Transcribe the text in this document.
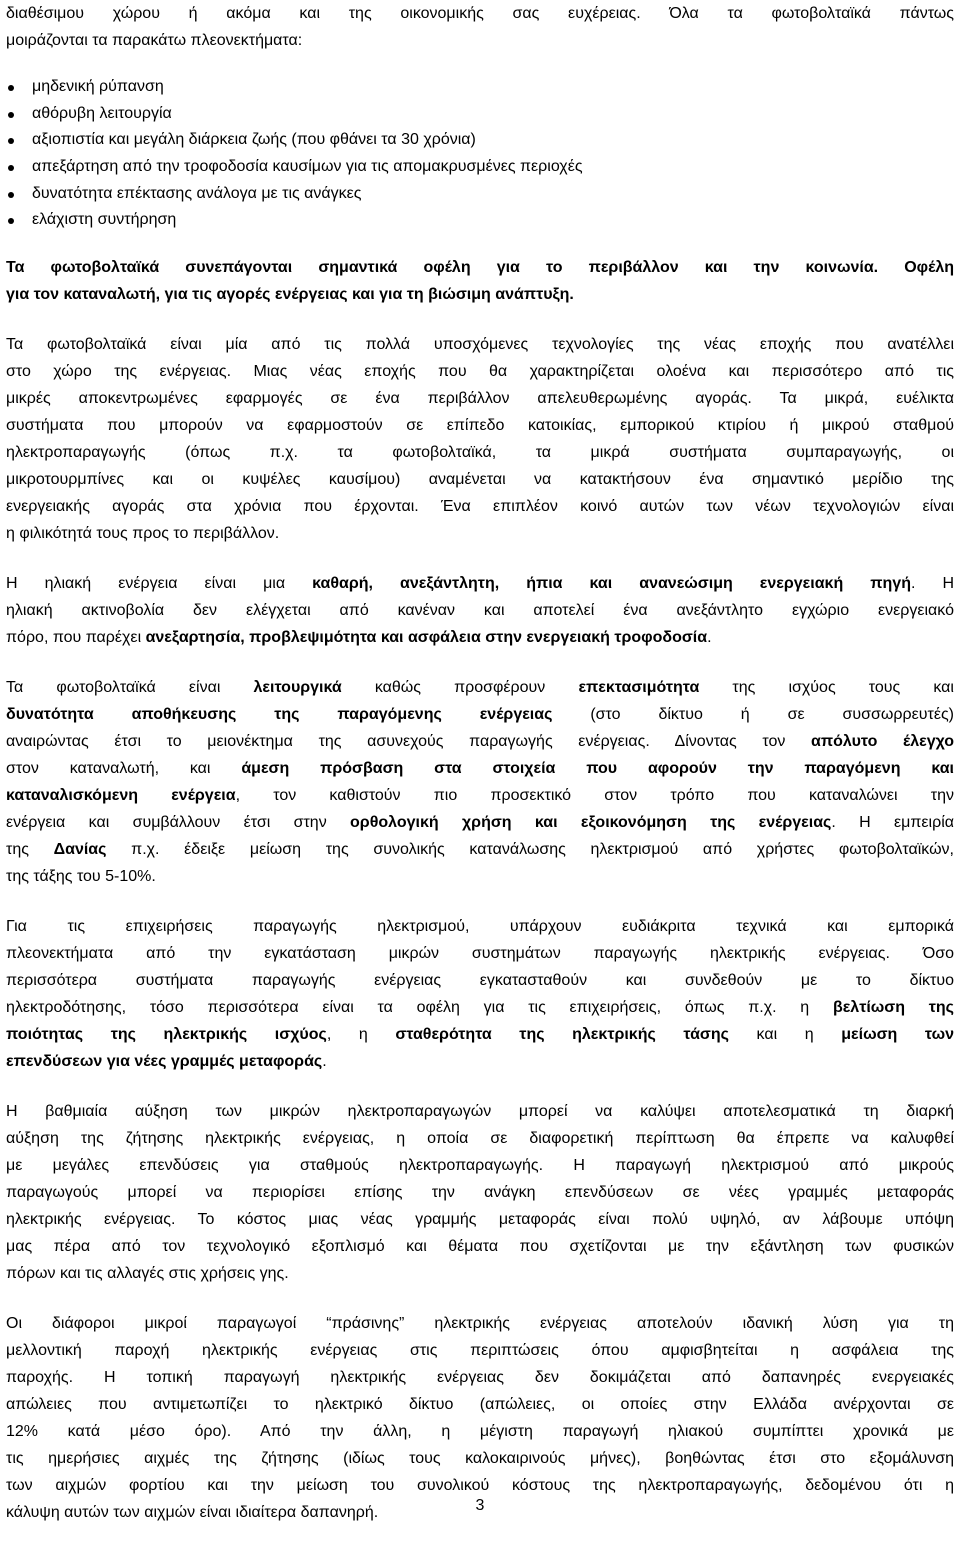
διαθέσιμου χώρου ή ακόμα και της οικονομικής σας ευχέρειας. Όλα τα φωτοβολταϊκά πάντως
μοιράζονται τα παρακάτω πλεονεκτήματα:
μηδενική ρύπανση
αθόρυβη λειτουργία
αξιοπιστία και μεγάλη διάρκεια ζωής (που φθάνει τα 30 χρόνια)
απεξάρτηση από την τροφοδοσία καυσίμων για τις απομακρυσμένες περιοχές
δυνατότητα επέκτασης ανάλογα με τις ανάγκες
ελάχιστη συντήρηση
Τα φωτοβολταϊκά συνεπάγονται σημαντικά οφέλη για το περιβάλλον και την κοινωνία. Οφέλη
για τον καταναλωτή, για τις αγορές ενέργειας και για τη βιώσιμη ανάπτυξη.
Τα φωτοβολταϊκά είναι μία από τις πολλά υποσχόμενες τεχνολογίες της νέας εποχής που ανατέλλει
στο χώρο της ενέργειας. Μιας νέας εποχής που θα χαρακτηρίζεται ολοένα και περισσότερο από τις
μικρές αποκεντρωμένες εφαρμογές σε ένα περιβάλλον απελευθερωμένης αγοράς. Τα μικρά, ευέλικτα
συστήματα που μπορούν να εφαρμοστούν σε επίπεδο κατοικίας, εμπορικού κτιρίου ή μικρού σταθμού
ηλεκτροπαραγωγής (όπως π.χ. τα φωτοβολταϊκά, τα μικρά συστήματα συμπαραγωγής, οι
μικροτουρμπίνες και οι κυψέλες καυσίμου) αναμένεται να κατακτήσουν ένα σημαντικό μερίδιο της
ενεργειακής αγοράς στα χρόνια που έρχονται. Ένα επιπλέον κοινό αυτών των νέων τεχνολογιών είναι
η φιλικότητά τους προς το περιβάλλον.
Η ηλιακή ενέργεια είναι μια καθαρή, ανεξάντλητη, ήπια και ανανεώσιμη ενεργειακή πηγή. Η
ηλιακή ακτινοβολία δεν ελέγχεται από κανέναν και αποτελεί ένα ανεξάντλητο εγχώριο ενεργειακό
πόρο, που παρέχει ανεξαρτησία, προβλεψιμότητα και ασφάλεια στην ενεργειακή τροφοδοσία.
Τα φωτοβολταϊκά είναι λειτουργικά καθώς προσφέρουν επεκτασιμότητα της ισχύος τους και
δυνατότητα αποθήκευσης της παραγόμενης ενέργειας (στο δίκτυο ή σε συσσωρρευτές)
αναιρώντας έτσι το μειονέκτημα της ασυνεχούς παραγωγής ενέργειας. Δίνοντας τον απόλυτο έλεγχο
στον καταναλωτή, και άμεση πρόσβαση στα στοιχεία που αφορούν την παραγόμενη και
καταναλισκόμενη ενέργεια, τον καθιστούν πιο προσεκτικό στον τρόπο που καταναλώνει την
ενέργεια και συμβάλλουν έτσι στην ορθολογική χρήση και εξοικονόμηση της ενέργειας. Η εμπειρία
της Δανίας π.χ. έδειξε μείωση της συνολικής κατανάλωσης ηλεκτρισμού από χρήστες φωτοβολταϊκών,
της τάξης του 5-10%.
Για τις επιχειρήσεις παραγωγής ηλεκτρισμού, υπάρχουν ευδιάκριτα τεχνικά και εμπορικά
πλεονεκτήματα από την εγκατάσταση μικρών συστημάτων παραγωγής ηλεκτρικής ενέργειας. Όσο
περισσότερα συστήματα παραγωγής ενέργειας εγκατασταθούν και συνδεθούν με το δίκτυο
ηλεκτροδότησης, τόσο περισσότερα είναι τα οφέλη για τις επιχειρήσεις, όπως π.χ. η βελτίωση της
ποιότητας της ηλεκτρικής ισχύος, η σταθερότητα της ηλεκτρικής τάσης και η μείωση των
επενδύσεων για νέες γραμμές μεταφοράς.
Η βαθμιαία αύξηση των μικρών ηλεκτροπαραγωγών μπορεί να καλύψει αποτελεσματικά τη διαρκή
αύξηση της ζήτησης ηλεκτρικής ενέργειας, η οποία σε διαφορετική περίπτωση θα έπρεπε να καλυφθεί
με μεγάλες επενδύσεις για σταθμούς ηλεκτροπαραγωγής. Η παραγωγή ηλεκτρισμού από μικρούς
παραγωγούς μπορεί να περιορίσει επίσης την ανάγκη επενδύσεων σε νέες γραμμές μεταφοράς
ηλεκτρικής ενέργειας. Το κόστος μιας νέας γραμμής μεταφοράς είναι πολύ υψηλό, αν λάβουμε υπόψη
μας πέρα από τον τεχνολογικό εξοπλισμό και θέματα που σχετίζονται με την εξάντληση των φυσικών
πόρων και τις αλλαγές στις χρήσεις γης.
Οι διάφοροι μικροί παραγωγοί “πράσινης” ηλεκτρικής ενέργειας αποτελούν ιδανική λύση για τη
μελλοντική παροχή ηλεκτρικής ενέργειας στις περιπτώσεις όπου αμφισβητείται η ασφάλεια της
παροχής. Η τοπική παραγωγή ηλεκτρικής ενέργειας δεν δοκιμάζεται από δαπανηρές ενεργειακές
απώλειες που αντιμετωπίζει το ηλεκτρικό δίκτυο (απώλειες, οι οποίες στην Ελλάδα ανέρχονται σε
12% κατά μέσο όρο). Από την άλλη, η μέγιστη παραγωγή ηλιακού συμπίπτει χρονικά με
τις ημερήσιες αιχμές της ζήτησης (ιδίως τους καλοκαιρινούς μήνες), βοηθώντας έτσι στο εξομάλυνση
των αιχμών φορτίου και την μείωση του συνολικού κόστους της ηλεκτροπαραγωγής, δεδομένου ότι η
κάλυψη αυτών των αιχμών είναι ιδιαίτερα δαπανηρή.	3
